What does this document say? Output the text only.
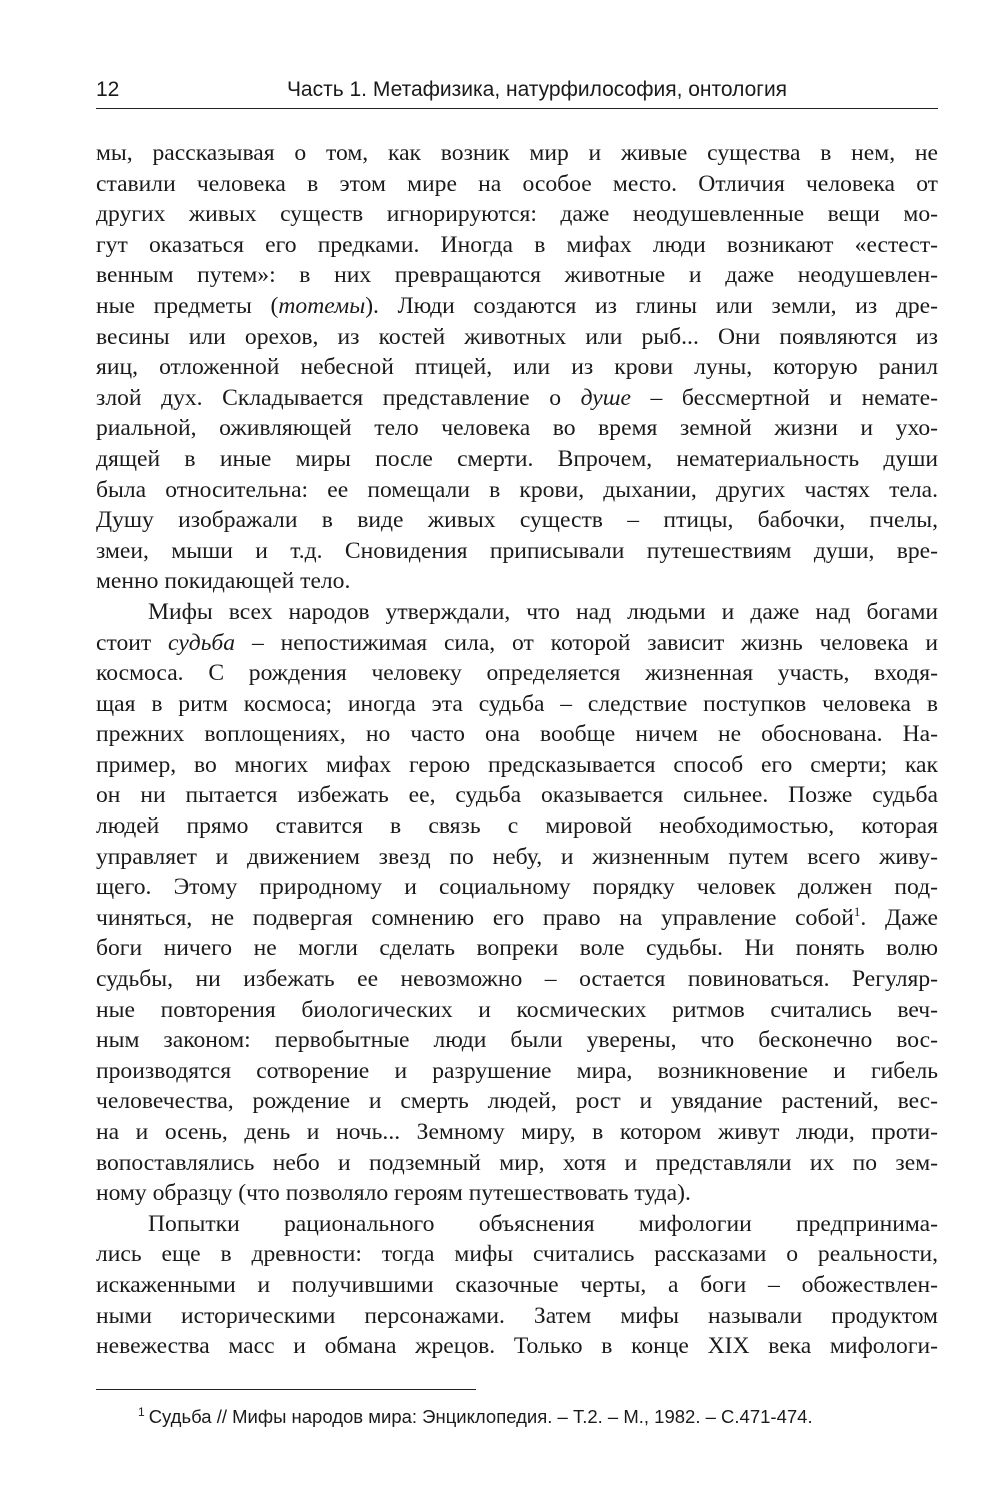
12	Часть 1. Метафизика, натурфилософия, онтология
мы, рассказывая о том, как возник мир и живые существа в нем, не
ставили человека в этом мире на особое место. Отличия человека от
других живых существ игнорируются: даже неодушевленные вещи мо-
гут оказаться его предками. Иногда в мифах люди возникают «естест-
венным путем»: в них превращаются животные и даже неодушевлен-
ные предметы (тотемы). Люди создаются из глины или земли, из дре-
весины или орехов, из костей животных или рыб... Они появляются из
яиц, отложенной небесной птицей, или из крови луны, которую ранил
злой дух. Складывается представление о душе – бессмертной и немате-
риальной, оживляющей тело человека во время земной жизни и ухо-
дящей в иные миры после смерти. Впрочем, нематериальность души
была относительна: ее помещали в крови, дыхании, других частях тела.
Душу изображали в виде живых существ – птицы, бабочки, пчелы,
змеи, мыши и т.д. Сновидения приписывали путешествиям души, вре-
менно покидающей тело.
Мифы всех народов утверждали, что над людьми и даже над богами
стоит судьба – непостижимая сила, от которой зависит жизнь человека и
космоса. С рождения человеку определяется жизненная участь, входя-
щая в ритм космоса; иногда эта судьба – следствие поступков человека в
прежних воплощениях, но часто она вообще ничем не обоснована. На-
пример, во многих мифах герою предсказывается способ его смерти; как
он ни пытается избежать ее, судьба оказывается сильнее. Позже судьба
людей прямо ставится в связь с мировой необходимостью, которая
управляет и движением звезд по небу, и жизненным путем всего живу-
щего. Этому природному и социальному порядку человек должен под-
чиняться, не подвергая сомнению его право на управление собой$^1$. Даже
боги ничего не могли сделать вопреки воле судьбы. Ни понять волю
судьбы, ни избежать ее невозможно – остается повиноваться. Регуляр-
ные повторения биологических и космических ритмов считались веч-
ным законом: первобытные люди были уверены, что бесконечно вос-
производятся сотворение и разрушение мира, возникновение и гибель
человечества, рождение и смерть людей, рост и увядание растений, вес-
на и осень, день и ночь... Земному миру, в котором живут люди, проти-
вопоставлялись небо и подземный мир, хотя и представляли их по зем-
ному образцу (что позволяло героям путешествовать туда).
Попытки рационального объяснения мифологии предпринима-
лись еще в древности: тогда мифы считались рассказами о реальности,
искаженными и получившими сказочные черты, а боги – обожествлен-
ными историческими персонажами. Затем мифы называли продуктом
невежества масс и обмана жрецов. Только в конце XIX века мифологи-
$^1$ Судьба // Мифы народов мира: Энциклопедия. – Т.2. – М., 1982. – С.471-474.
